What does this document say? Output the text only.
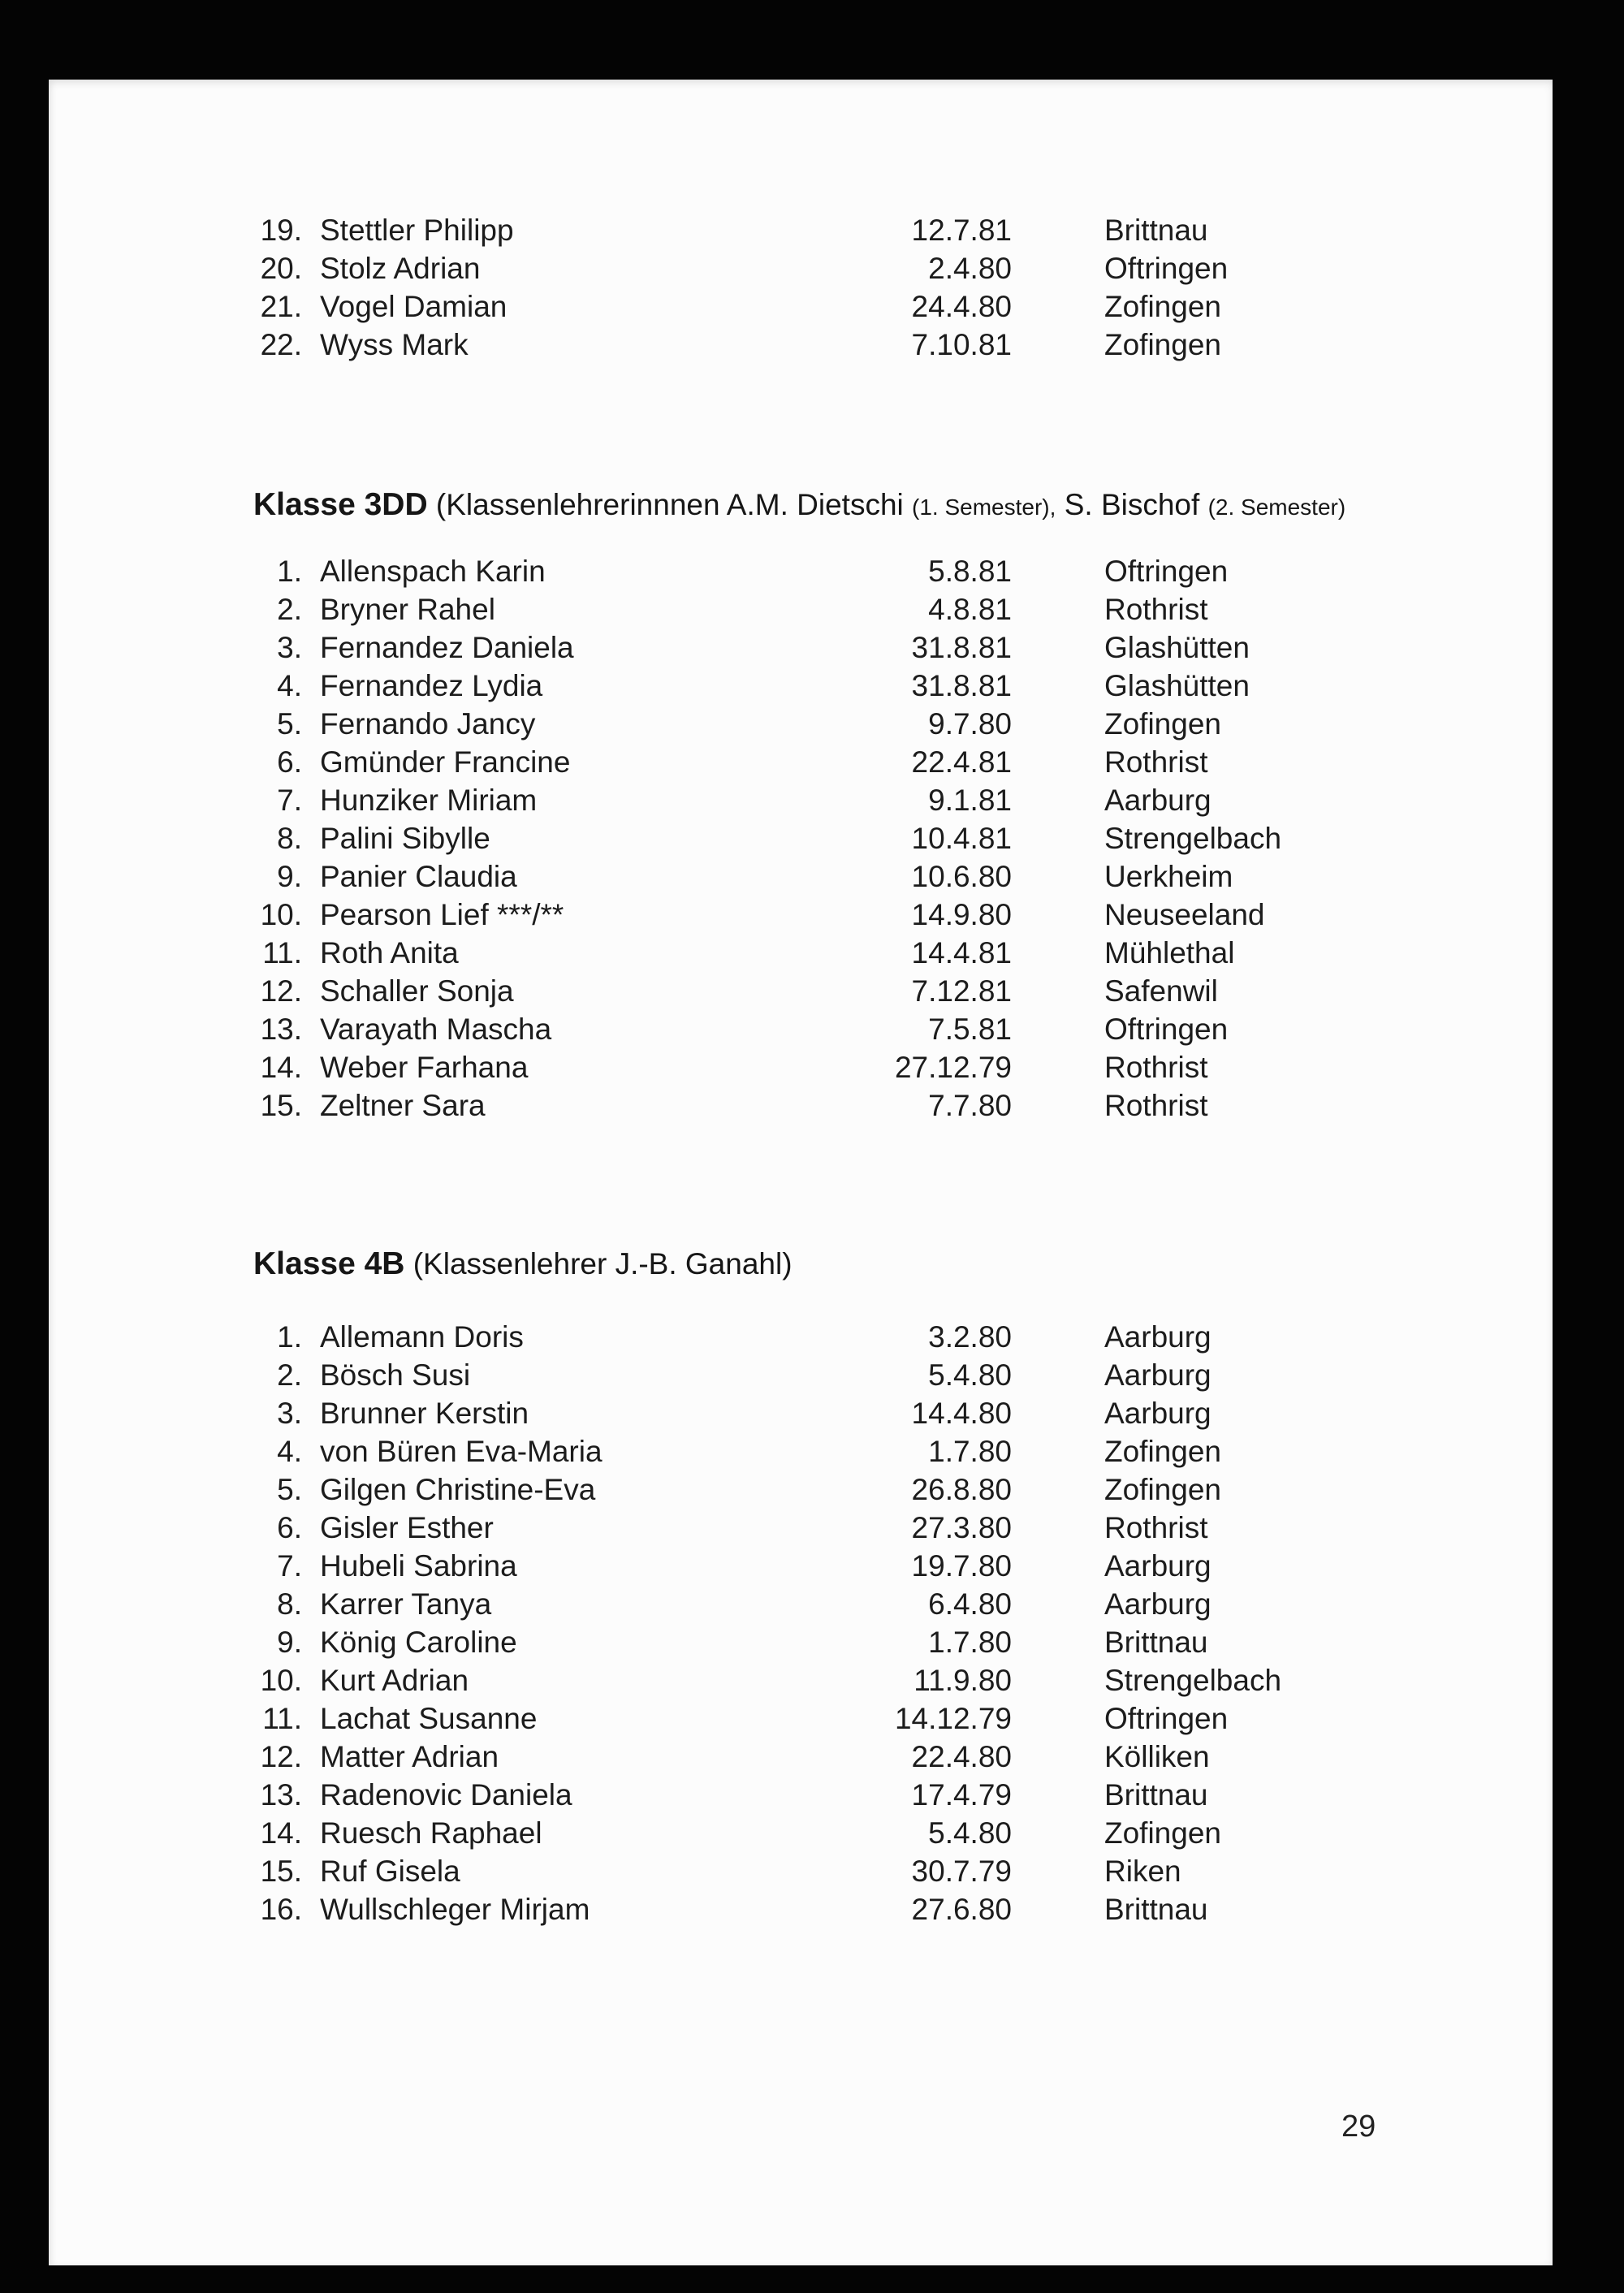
19. Stettler Philipp	12.7.81	Brittnau
20. Stolz Adrian	2.4.80	Oftringen
21. Vogel Damian	24.4.80	Zofingen
22. Wyss Mark	7.10.81	Zofingen
Klasse 3DD (Klassenlehrerinnnen A.M. Dietschi (1. Semester), S. Bischof (2. Semester)
1. Allenspach Karin	5.8.81	Oftringen
2. Bryner Rahel	4.8.81	Rothrist
3. Fernandez Daniela	31.8.81	Glashütten
4. Fernandez Lydia	31.8.81	Glashütten
5. Fernando Jancy	9.7.80	Zofingen
6. Gmünder Francine	22.4.81	Rothrist
7. Hunziker Miriam	9.1.81	Aarburg
8. Palini Sibylle	10.4.81	Strengelbach
9. Panier Claudia	10.6.80	Uerkheim
10. Pearson Lief ***/**	14.9.80	Neuseeland
11. Roth Anita	14.4.81	Mühlethal
12. Schaller Sonja	7.12.81	Safenwil
13. Varayath Mascha	7.5.81	Oftringen
14. Weber Farhana	27.12.79	Rothrist
15. Zeltner Sara	7.7.80	Rothrist
Klasse 4B (Klassenlehrer J.-B. Ganahl)
1. Allemann Doris	3.2.80	Aarburg
2. Bösch Susi	5.4.80	Aarburg
3. Brunner Kerstin	14.4.80	Aarburg
4. von Büren Eva-Maria	1.7.80	Zofingen
5. Gilgen Christine-Eva	26.8.80	Zofingen
6. Gisler Esther	27.3.80	Rothrist
7. Hubeli Sabrina	19.7.80	Aarburg
8. Karrer Tanya	6.4.80	Aarburg
9. König Caroline	1.7.80	Brittnau
10. Kurt Adrian	11.9.80	Strengelbach
11. Lachat Susanne	14.12.79	Oftringen
12. Matter Adrian	22.4.80	Kölliken
13. Radenovic Daniela	17.4.79	Brittnau
14. Ruesch Raphael	5.4.80	Zofingen
15. Ruf Gisela	30.7.79	Riken
16. Wullschleger Mirjam	27.6.80	Brittnau
29
